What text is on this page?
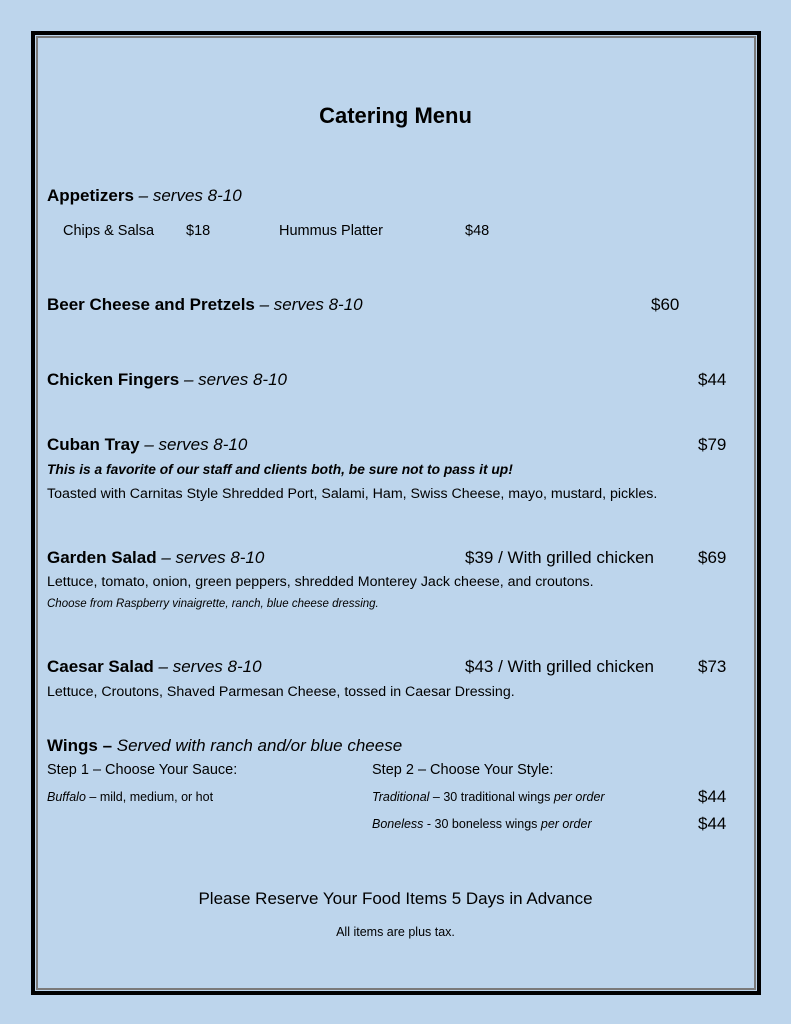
Catering Menu
Appetizers – serves 8-10
Chips & Salsa $18	Hummus Platter	$48
Beer Cheese and Pretzels – serves 8-10	$60
Chicken Fingers – serves 8-10	$44
Cuban Tray – serves 8-10	$79
This is a favorite of our staff and clients both, be sure not to pass it up!
Toasted with Carnitas Style Shredded Port, Salami, Ham, Swiss Cheese, mayo, mustard, pickles.
Garden Salad – serves 8-10	$39 / With grilled chicken	$69
Lettuce, tomato, onion, green peppers, shredded Monterey Jack cheese, and croutons.
Choose from Raspberry vinaigrette, ranch, blue cheese dressing.
Caesar Salad – serves 8-10	$43 / With grilled chicken	$73
Lettuce, Croutons, Shaved Parmesan Cheese, tossed in Caesar Dressing.
Wings – Served with ranch and/or blue cheese
Step 1 – Choose Your Sauce:	Step 2 – Choose Your Style:
Buffalo – mild, medium, or hot	Traditional – 30 traditional wings per order	$44
Boneless - 30 boneless wings per order	$44
Please Reserve Your Food Items 5 Days in Advance
All items are plus tax.
